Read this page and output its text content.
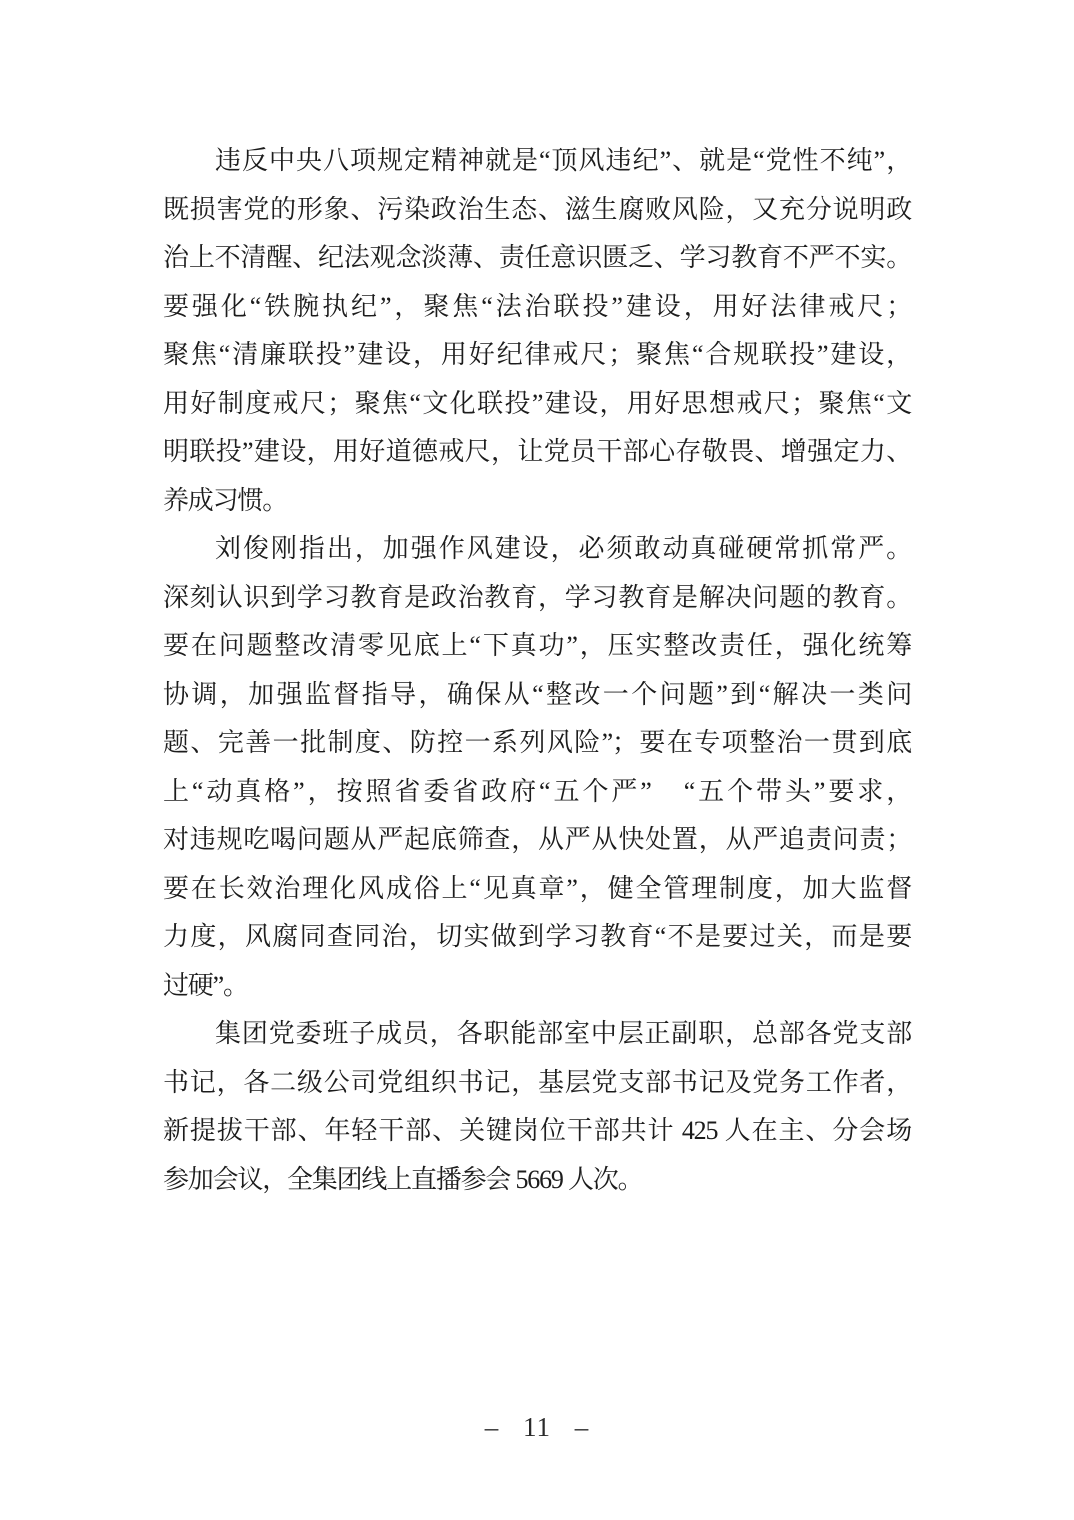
违反中央八项规定精神就是“顶风违纪”、就是“党性不纯”，

既损害党的形象、污染政治生态、滋生腐败风险，又充分说明政

治上不清醒、纪法观念淡薄、责任意识匮乏、学习教育不严不实。

要强化“铁腕执纪”，聚焦“法治联投”建设，用好法律戒尺；

聚焦“清廉联投”建设，用好纪律戒尺；聚焦“合规联投”建设，

用好制度戒尺；聚焦“文化联投”建设，用好思想戒尺；聚焦“文

明联投”建设，用好道德戒尺，让党员干部心存敬畏、增强定力、

养成习惯。

刘俊刚指出，加强作风建设，必须敢动真碰硬常抓常严。

深刻认识到学习教育是政治教育，学习教育是解决问题的教育。

要在问题整改清零见底上“下真功”，压实整改责任，强化统筹

协调，加强监督指导，确保从“整改一个问题”到“解决一类问

题、完善一批制度、防控一系列风险”；要在专项整治一贯到底

上“动真格”，按照省委省政府“五个严”　“五个带头”要求，

对违规吃喝问题从严起底筛查，从严从快处置，从严追责问责；

要在长效治理化风成俗上“见真章”，健全管理制度，加大监督

力度，风腐同查同治，切实做到学习教育“不是要过关，而是要

过硬”。

集团党委班子成员，各职能部室中层正副职，总部各党支部

书记，各二级公司党组织书记，基层党支部书记及党务工作者，

新提拔干部、年轻干部、关键岗位干部共计 425 人在主、分会场

参加会议，全集团线上直播参会 5669 人次。

– 11 –
